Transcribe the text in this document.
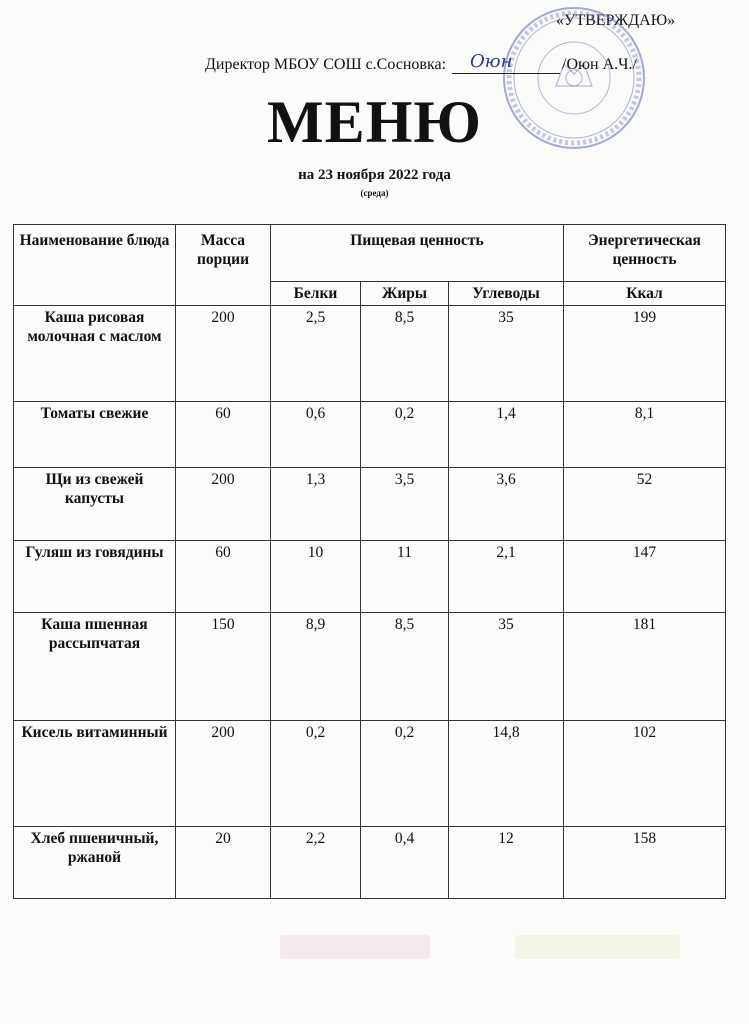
«УТВЕРЖДАЮ»
Директор МБОУ СОШ с.Сосновка: Оюн	/Оюн А.Ч./
МЕНЮ
на 23 ноября 2022 года
(среда)
Наименование блюда	Масса порции	Пищевая ценность			Энергетическая ценность
		Белки	Жиры	Углеводы	Ккал
Каша рисовая молочная с маслом	200	2,5	8,5	35	199
Томаты свежие	60	0,6	0,2	1,4	8,1
Щи из свежей капусты	200	1,3	3,5	3,6	52
Гуляш из говядины	60	10	11	2,1	147
Каша пшенная рассыпчатая	150	8,9	8,5	35	181
Кисель витаминный	200	0,2	0,2	14,8	102
Хлеб пшеничный, ржаной	20	2,2	0,4	12	158
